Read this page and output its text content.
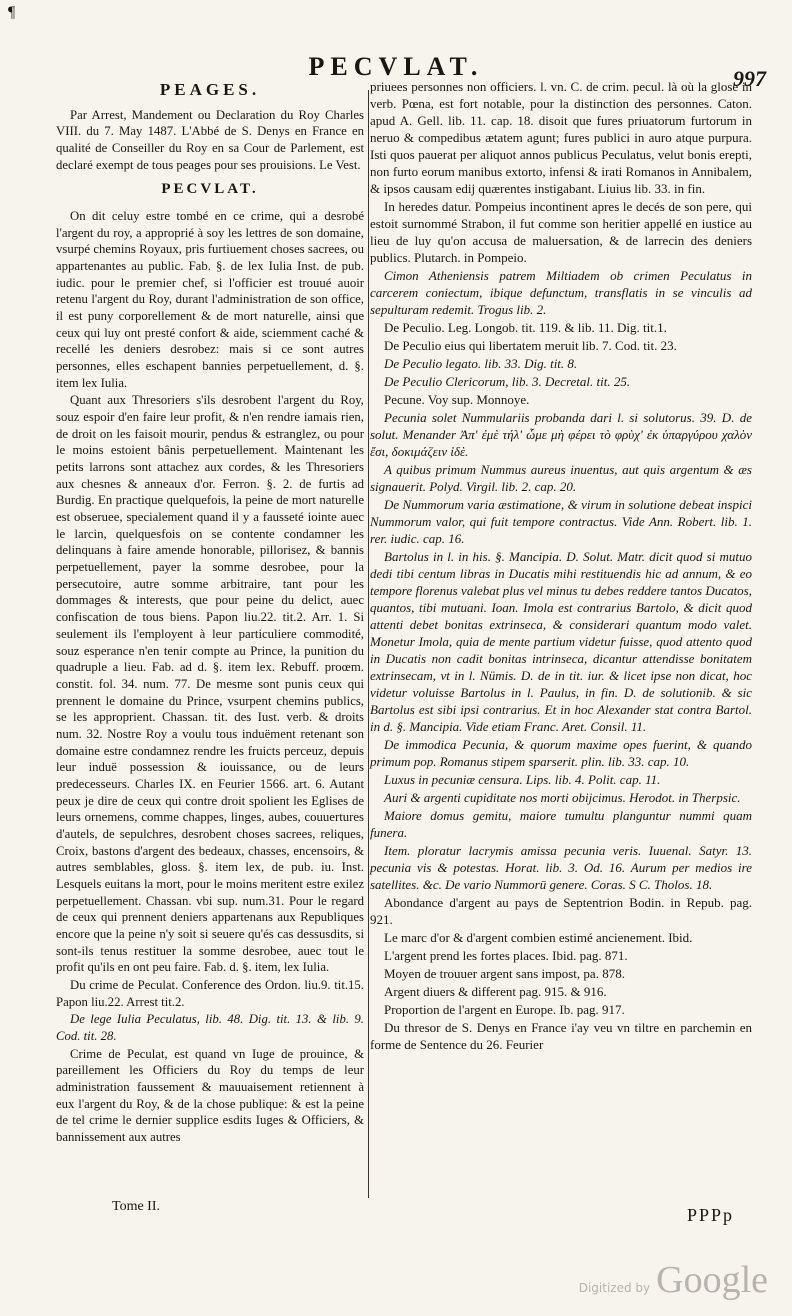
¶
PECVLAT.	997
PEAGES.

Par Arrest, Mandement ou Declaration du Roy Charles VIII. du 7. May 1487. L'Abbé de S. Denys en France en qualité de Conseiller du Roy en sa Cour de Parlement, est declaré exempt de tous peages pour ses prouisions. Le Vest.

PECVLAT.

On dit celuy estre tombé en ce crime, qui a desrobé l'argent du roy, a approprié à soy les lettres de son domaine, vsurpé chemins Royaux, pris furtiuement choses sacrees, ou appartenantes au public. Fab. §. de lex Iulia Inst. de pub. iudic. pour le premier chef, si l'officier est trouué auoir retenu l'argent du Roy, durant l'administration de son office, il est puny corporellement & de mort naturelle, ainsi que ceux qui luy ont presté confort & aide, sciemment caché & recellé les deniers desrobez: mais si ce sont autres personnes, elles eschapent bannies perpetuellement, d. §. item lex Iulia.

Quant aux Thresoriers s'ils desrobent l'argent du Roy, souz espoir d'en faire leur profit, & n'en rendre iamais rien, de droit on les faisoit mourir, pendus & estranglez, ou pour le moins estoient bânis perpetuellement. Maintenant les petits larrons sont attachez aux cordes, & les Thresoriers aux chesnes & anneaux d'or. Ferron. §. 2. de furtis ad Burdig. En practique quelquefois, la peine de mort naturelle est obseruee, specialement quand il y a fausseté iointe auec le larcin, quelquesfois on se contente condamner les delinquans à faire amende honorable, pillorisez, & bannis perpetuellement, payer la somme desrobee, pour la persecutoire, autre somme arbitraire, tant pour les dommages & interests, que pour peine du delict, auec confiscation de tous biens. Papon liu.22. tit.2. Arr. 1. Si seulement ils l'employent à leur particuliere commodité, souz esperance n'en tenir compte au Prince, la punition du quadruple a lieu. Fab. ad d. §. item lex. Rebuff. proœm. constit. fol. 34. num. 77. De mesme sont punis ceux qui prennent le domaine du Prince, vsurpent chemins publics, se les approprient. Chassan. tit. des Iust. verb. & droits num. 32. Nostre Roy a voulu tous induëment retenant son domaine estre condamnez rendre les fruicts perceuz, depuis leur induë possession & iouissance, ou de leurs predecesseurs. Charles IX. en Feurier 1566. art. 6. Autant peux je dire de ceux qui contre droit spolient les Eglises de leurs ornemens, comme chappes, linges, aubes, couuertures d'autels, de sepulchres, desrobent choses sacrees, reliques, Croix, bastons d'argent des bedeaux, chasses, encensoirs, & autres semblables, gloss. §. item lex, de pub. iu. Inst. Lesquels euitans la mort, pour le moins meritent estre exilez perpetuellement. Chassan. vbi sup. num.31. Pour le regard de ceux qui prennent deniers appartenans aux Republiques encore que la peine n'y soit si seuere qu'és cas dessusdits, si sont-ils tenus restituer la somme desrobee, auec tout le profit qu'ils en ont peu faire. Fab. d. §. item, lex Iulia.

Du crime de Peculat. Conference des Ordon. liu.9. tit.15. Papon liu.22. Arrest tit.2.

De lege Iulia Peculatus, lib. 48. Dig. tit. 13. & lib. 9. Cod. tit. 28.

Crime de Peculat, est quand vn Iuge de prouince, & pareillement les Officiers du Roy du temps de leur administration faussement & mauuaisement retiennent à eux l'argent du Roy, & de la chose publique: & est la peine de tel crime le dernier supplice esdits Iuges & Officiers, & bannissement aux autres

priuees personnes non officiers. l. vn. C. de crim. pecul. là où la glose in verb. Pœna, est fort notable, pour la distinction des personnes. Caton. apud A. Gell. lib. 11. cap. 18. disoit que fures priuatorum furtorum in neruo & compedibus ætatem agunt; fures publici in auro atque purpura. Isti quos pauerat per aliquot annos publicus Peculatus, velut bonis erepti, non furto eorum manibus extorto, infensi & irati Romanos in Annibalem, & ipsos causam edij quærentes instigabant. Liuius lib. 33. in fin.

In heredes datur. Pompeius incontinent apres le decés de son pere, qui estoit surnommé Strabon, il fut comme son heritier appellé en iustice au lieu de luy qu'on accusa de maluersation, & de larrecin des deniers publics. Plutarch. in Pompeio.

Cimon Atheniensis patrem Miltiadem ob crimen Peculatus in carcerem coniectum, ibique defunctum, transflatis in se vinculis ad sepulturam redemit. Trogus lib. 2.

De Peculio. Leg. Longob. tit. 119. & lib. 11. Dig. tit.1.

De Peculio eius qui libertatem meruit lib. 7. Cod. tit. 23.

De Peculio legato. lib. 33. Dig. tit. 8.

De Peculio Clericorum, lib. 3. Decretal. tit. 25.

Pecune. Voy sup. Monnoye.

Pecunia solet Nummulariis probanda dari l. si solutorus. 39. D. de solut. Menander Ἀπ' ἐμὲ τήλ' ὧμε μὴ φέρει τὸ φρὺχ' ἐκ ὑπαργύρου χαλὸν ἔσι, δοκιμάζειν ἰδὲ.

A quibus primum Nummus aureus inuentus, aut quis argentum & æs signauerit. Polyd. Virgil. lib. 2. cap. 20.

De Nummorum varia æstimatione, & virum in solutione debeat inspici Nummorum valor, qui fuit tempore contractus. Vide Ann. Robert. lib. 1. rer. iudic. cap. 16.

Bartolus in l. in his. §. Mancipia. D. Solut. Matr. dicit quod si mutuo dedi tibi centum libras in Ducatis mihi restituendis hic ad annum, & eo tempore florenus valebat plus vel minus tu debes reddere tantos Ducatos, quantos, tibi mutuani. Ioan. Imola est contrarius Bartolo, & dicit quod attenti debet bonitas extrinseca, & considerari quantum modo valet. Monetur Imola, quia de mente partium videtur fuisse, quod attento quod in Ducatis non cadit bonitas intrinseca, dicantur attendisse bonitatem extrinsecam, vt in l. Nümis. D. de in tit. iur. & licet ipse non dicat, hoc videtur voluisse Bartolus in l. Paulus, in fin. D. de solutionib. & sic Bartolus est sibi ipsi contrarius. Et in hoc Alexander stat contra Bartol. in d. §. Mancipia. Vide etiam Franc. Aret. Consil. 11.

De immodica Pecunia, & quorum maxime opes fuerint, & quando primum pop. Romanus stipem sparserit. plin. lib. 33. cap. 10.

Luxus in pecuniæ censura. Lips. lib. 4. Polit. cap. 11.

Auri & argenti cupiditate nos morti obijcimus. Herodot. in Therpsic.

Maiore domus gemitu, maiore tumultu planguntur nummi quam funera.

Item. ploratur lacrymis amissa pecunia veris. Iuuenal. Satyr. 13. pecunia vis & potestas. Horat. lib. 3. Od. 16. Aurum per medios ire satellites. &c. De vario Nummorū genere. Coras. S C. Tholos. 18.

Abondance d'argent au pays de Septentrion Bodin. in Repub. pag. 921.

Le marc d'or & d'argent combien estimé ancienement. Ibid.

L'argent prend les fortes places. Ibid. pag. 871.

Moyen de trouuer argent sans impost, pa. 878.

Argent diuers & different pag. 915. & 916.

Proportion de l'argent en Europe. Ib. pag. 917.

Du thresor de S. Denys en France i'ay veu vn tiltre en parchemin en forme de Sentence du 26. Feurier

Tome II.	PPPp
Digitized by Google
